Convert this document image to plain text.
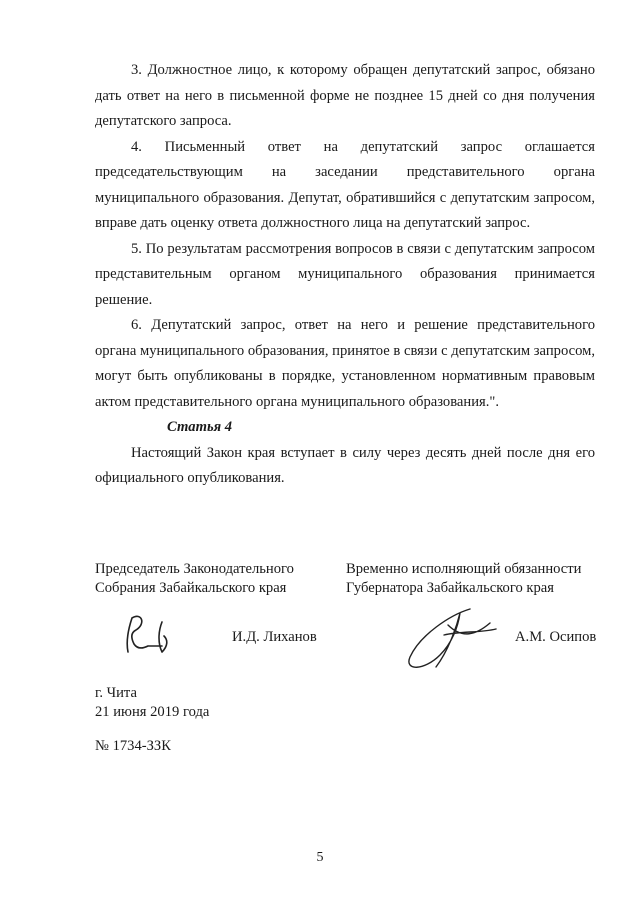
3. Должностное лицо, к которому обращен депутатский запрос, обязано дать ответ на него в письменной форме не позднее 15 дней со дня получения депутатского запроса.

4. Письменный ответ на депутатский запрос оглашается председательствующим на заседании представительного органа муниципального образования. Депутат, обратившийся с депутатским запросом, вправе дать оценку ответа должностного лица на депутатский запрос.

5. По результатам рассмотрения вопросов в связи с депутатским запросом представительным органом муниципального образования принимается решение.

6. Депутатский запрос, ответ на него и решение представительного органа муниципального образования, принятое в связи с депутатским запросом, могут быть опубликованы в порядке, установленном нормативным правовым актом представительного органа муниципального образования.".

Статья 4

Настоящий Закон края вступает в силу через десять дней после дня его официального опубликования.

Председатель Законодательного
Собрания Забайкальского края
Временно исполняющий обязанности
Губернатора Забайкальского края
И.Д. Лиханов	А.М. Осипов
г. Чита
21 июня 2019 года
№ 1734-ЗЗК
5
